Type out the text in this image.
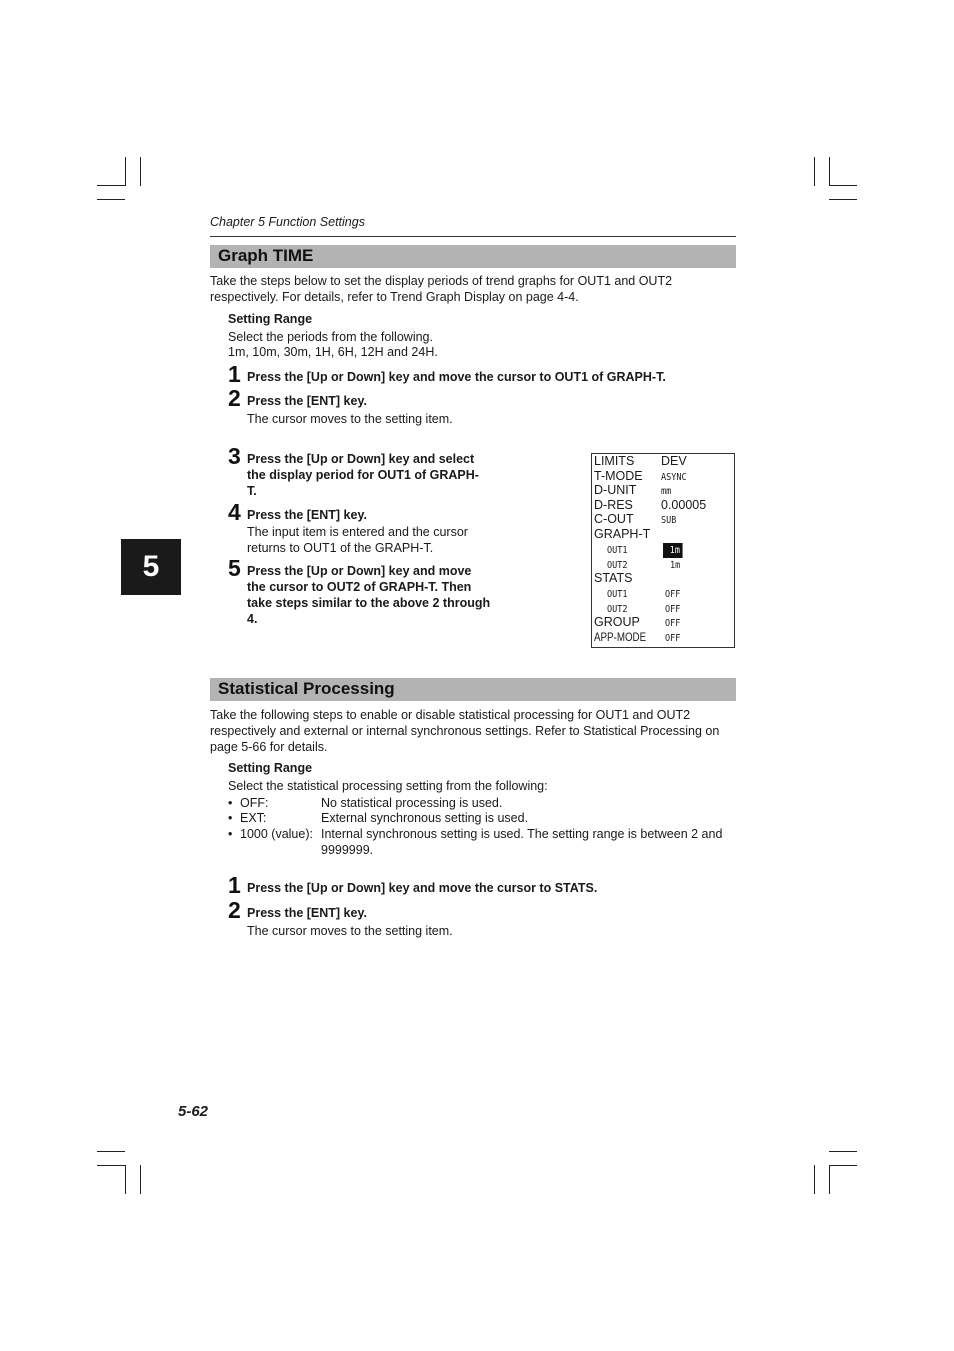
Chapter 5 Function Settings
5
Graph TIME
Take the steps below to set the display periods of trend graphs for OUT1 and OUT2 respectively. For details, refer to Trend Graph Display on page 4-4.
Setting Range
Select the periods from the following.
1m, 10m, 30m, 1H, 6H, 12H and 24H.
1 Press the [Up or Down] key and move the cursor to OUT1 of GRAPH-T.
2 Press the [ENT] key.
The cursor moves to the setting item.
3 Press the [Up or Down] key and select the display period for OUT1 of GRAPH-T.
4 Press the [ENT] key.
The input item is entered and the cursor returns to OUT1 of the GRAPH-T.
5 Press the [Up or Down] key and move the cursor to OUT2 of GRAPH-T. Then take steps similar to the above 2 through 4.
LIMITS DEV
T-MODE ASYNC
D-UNIT mm
D-RES 0.00005
C-OUT	SUB
GRAPH-T
OUT1	1m
OUT2	1m
STATS
OUT1	OFF
OUT2	OFF
GROUP	OFF
APP-MODE	OFF
Statistical Processing
Take the following steps to enable or disable statistical processing for OUT1 and OUT2 respectively and external or internal synchronous settings. Refer to Statistical Processing on page 5-66 for details.
Setting Range
Select the statistical processing setting from the following:
• OFF:	No statistical processing is used.
• EXT:	External synchronous setting is used.
• 1000 (value): Internal synchronous setting is used. The setting range is between 2 and 9999999.
1 Press the [Up or Down] key and move the cursor to STATS.
2 Press the [ENT] key.
The cursor moves to the setting item.
5-62
